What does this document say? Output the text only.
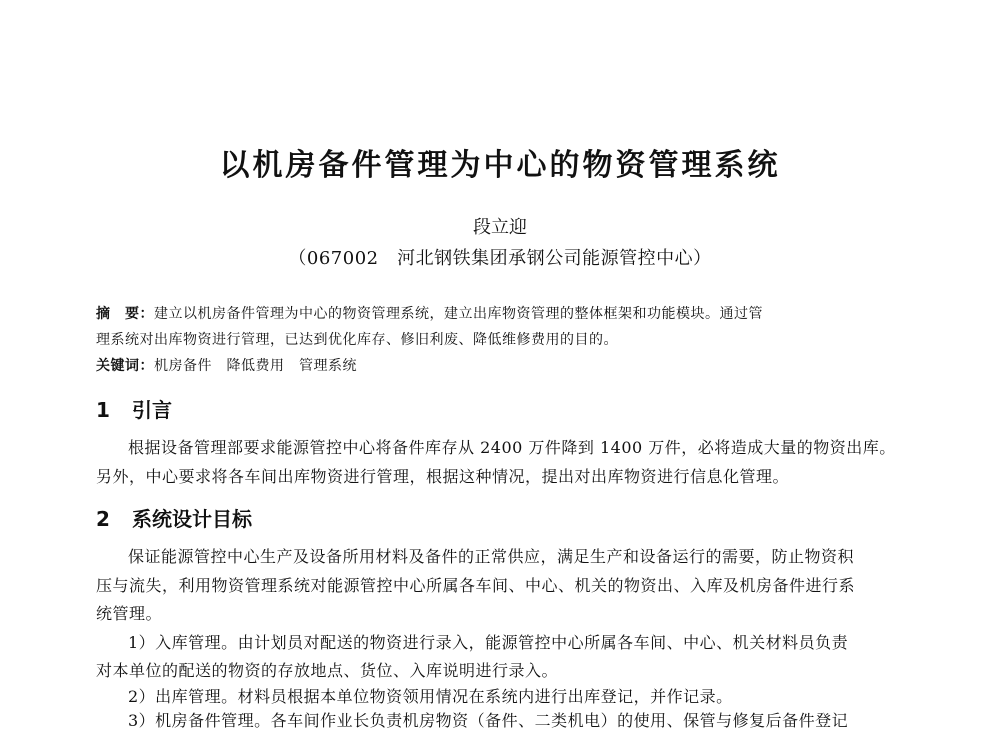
以机房备件管理为中心的物资管理系统
段立迎
（067002　河北钢铁集团承钢公司能源管控中心）
摘　要：建立以机房备件管理为中心的物资管理系统，建立出库物资管理的整体框架和功能模块。通过管
理系统对出库物资进行管理，已达到优化库存、修旧利废、降低维修费用的目的。
关键词：机房备件　降低费用　管理系统
1 引言
根据设备管理部要求能源管控中心将备件库存从 2400 万件降到 1400 万件，必将造成大量的物资出库。
另外，中心要求将各车间出库物资进行管理，根据这种情况，提出对出库物资进行信息化管理。
2 系统设计目标
保证能源管控中心生产及设备所用材料及备件的正常供应，满足生产和设备运行的需要，防止物资积
压与流失，利用物资管理系统对能源管控中心所属各车间、中心、机关的物资出、入库及机房备件进行系
统管理。
1）入库管理。由计划员对配送的物资进行录入，能源管控中心所属各车间、中心、机关材料员负责
对本单位的配送的物资的存放地点、货位、入库说明进行录入。
2）出库管理。材料员根据本单位物资领用情况在系统内进行出库登记，并作记录。
3）机房备件管理。各车间作业长负责机房物资（备件、二类机电）的使用、保管与修复后备件登记
